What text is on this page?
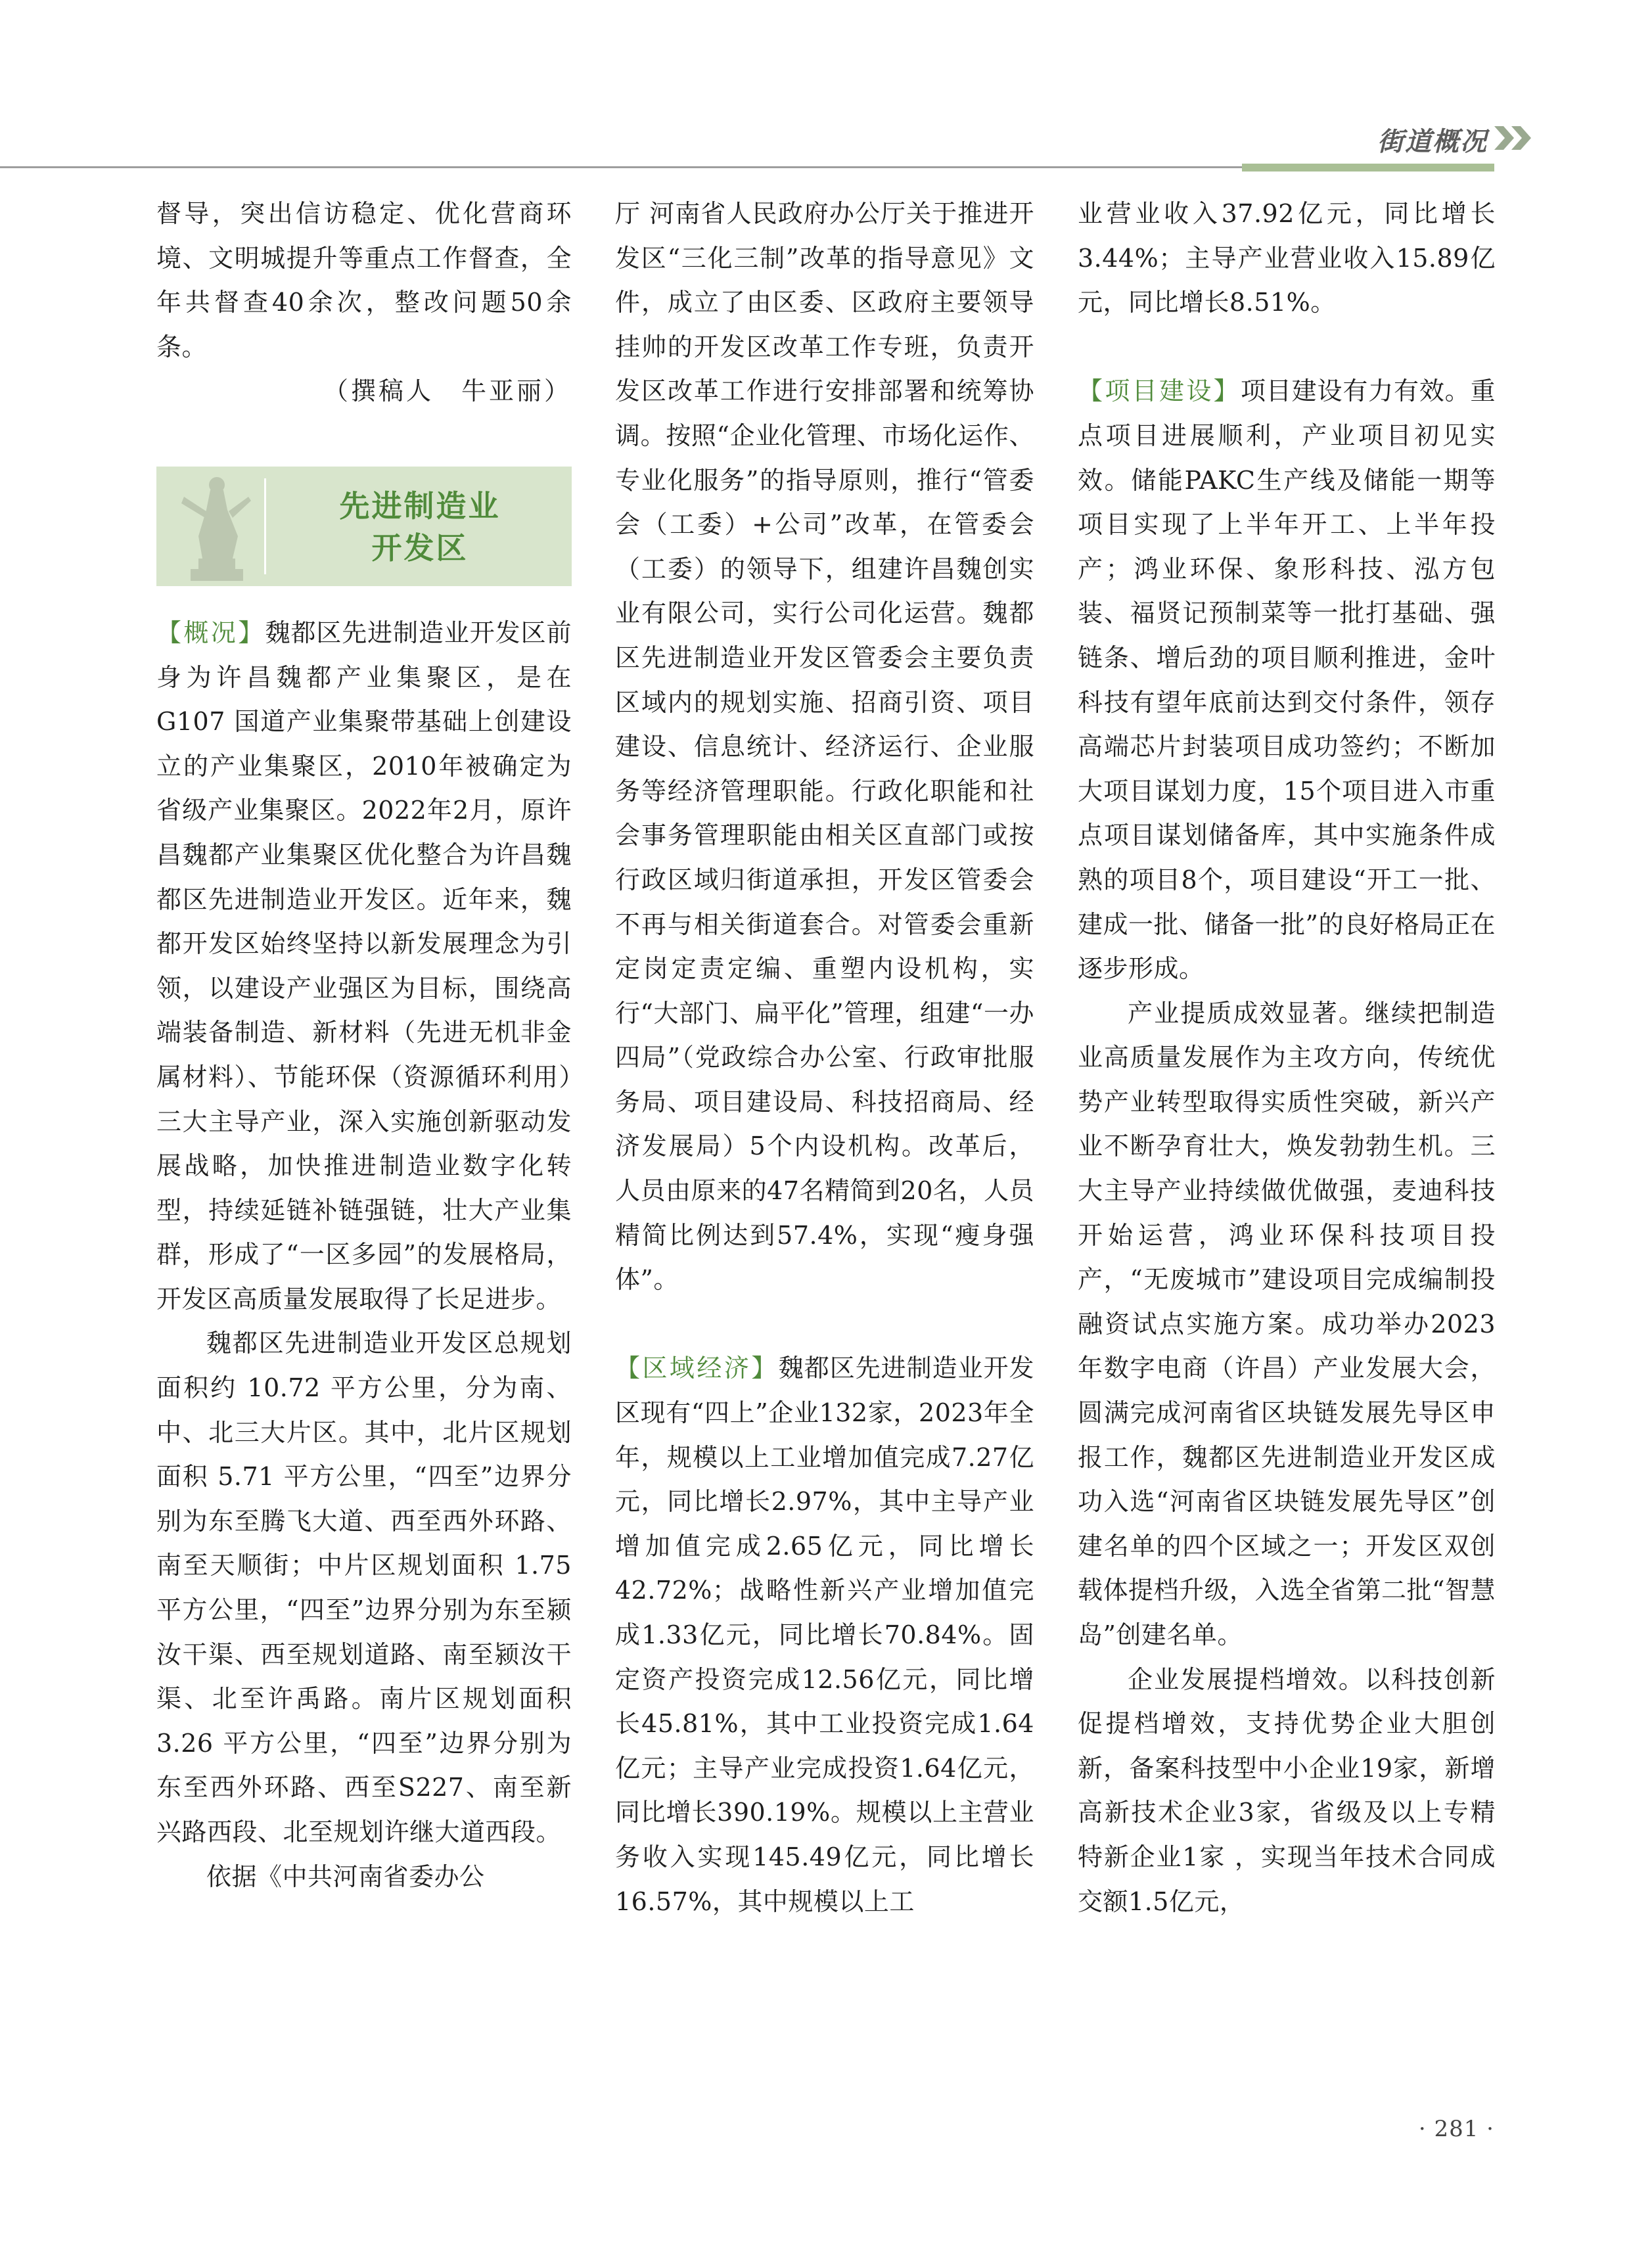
街道概况

督导，突出信访稳定、优化营商环境、文明城提升等重点工作督查，全年共督查40余次，整改问题50余条。

（撰稿人　牛亚丽）

先进制造业
开发区

【概况】魏都区先进制造业开发区前身为许昌魏都产业集聚区，是在G107 国道产业集聚带基础上创建设立的产业集聚区，2010年被确定为省级产业集聚区。2022年2月，原许昌魏都产业集聚区优化整合为许昌魏都区先进制造业开发区。近年来，魏都开发区始终坚持以新发展理念为引领，以建设产业强区为目标，围绕高端装备制造、新材料（先进无机非金属材料）、节能环保（资源循环利用）三大主导产业，深入实施创新驱动发展战略，加快推进制造业数字化转型，持续延链补链强链，壮大产业集群，形成了“一区多园”的发展格局，开发区高质量发展取得了长足进步。

魏都区先进制造业开发区总规划面积约 10.72 平方公里，分为南、中、北三大片区。其中，北片区规划面积 5.71 平方公里，“四至”边界分别为东至腾飞大道、西至西外环路、南至天顺街；中片区规划面积 1.75 平方公里，“四至”边界分别为东至颍汝干渠、西至规划道路、南至颍汝干渠、北至许禹路。南片区规划面积 3.26 平方公里，“四至”边界分别为东至西外环路、西至S227、南至新兴路西段、北至规划许继大道西段。

依据《中共河南省委办公

厅 河南省人民政府办公厅关于推进开发区“三化三制”改革的指导意见》文件，成立了由区委、区政府主要领导挂帅的开发区改革工作专班，负责开发区改革工作进行安排部署和统筹协调。按照“企业化管理、市场化运作、专业化服务”的指导原则，推行“管委会（工委）+公司”改革，在管委会（工委）的领导下，组建许昌魏创实业有限公司，实行公司化运营。魏都区先进制造业开发区管委会主要负责区域内的规划实施、招商引资、项目建设、信息统计、经济运行、企业服务等经济管理职能。行政化职能和社会事务管理职能由相关区直部门或按行政区域归街道承担，开发区管委会不再与相关街道套合。对管委会重新定岗定责定编、重塑内设机构，实行“大部门、扁平化”管理，组建“一办四局”（党政综合办公室、行政审批服务局、项目建设局、科技招商局、经济发展局）5个内设机构。改革后，人员由原来的47名精简到20名，人员精简比例达到57.4%，实现“瘦身强体”。

【区域经济】魏都区先进制造业开发区现有“四上”企业132家，2023年全年，规模以上工业增加值完成7.27亿元，同比增长2.97%，其中主导产业增加值完成2.65亿元，同比增长42.72%；战略性新兴产业增加值完成1.33亿元，同比增长70.84%。固定资产投资完成12.56亿元，同比增长45.81%，其中工业投资完成1.64亿元；主导产业完成投资1.64亿元，同比增长390.19%。规模以上主营业务收入实现145.49亿元，同比增长16.57%，其中规模以上工

业营业收入37.92亿元，同比增长3.44%；主导产业营业收入15.89亿元，同比增长8.51%。

【项目建设】项目建设有力有效。重点项目进展顺利，产业项目初见实效。储能PAKC生产线及储能一期等项目实现了上半年开工、上半年投产；鸿业环保、象形科技、泓方包装、福贤记预制菜等一批打基础、强链条、增后劲的项目顺利推进，金叶科技有望年底前达到交付条件，领存高端芯片封装项目成功签约；不断加大项目谋划力度，15个项目进入市重点项目谋划储备库，其中实施条件成熟的项目8个，项目建设“开工一批、建成一批、储备一批”的良好格局正在逐步形成。

产业提质成效显著。继续把制造业高质量发展作为主攻方向，传统优势产业转型取得实质性突破，新兴产业不断孕育壮大，焕发勃勃生机。三大主导产业持续做优做强，麦迪科技开始运营，鸿业环保科技项目投产，“无废城市”建设项目完成编制投融资试点实施方案。成功举办2023年数字电商（许昌）产业发展大会，圆满完成河南省区块链发展先导区申报工作，魏都区先进制造业开发区成功入选“河南省区块链发展先导区”创建名单的四个区域之一；开发区双创载体提档升级，入选全省第二批“智慧岛”创建名单。

企业发展提档增效。以科技创新促提档增效，支持优势企业大胆创新，备案科技型中小企业19家，新增高新技术企业3家，省级及以上专精特新企业1家 ，实现当年技术合同成交额1.5亿元，

· 281 ·
